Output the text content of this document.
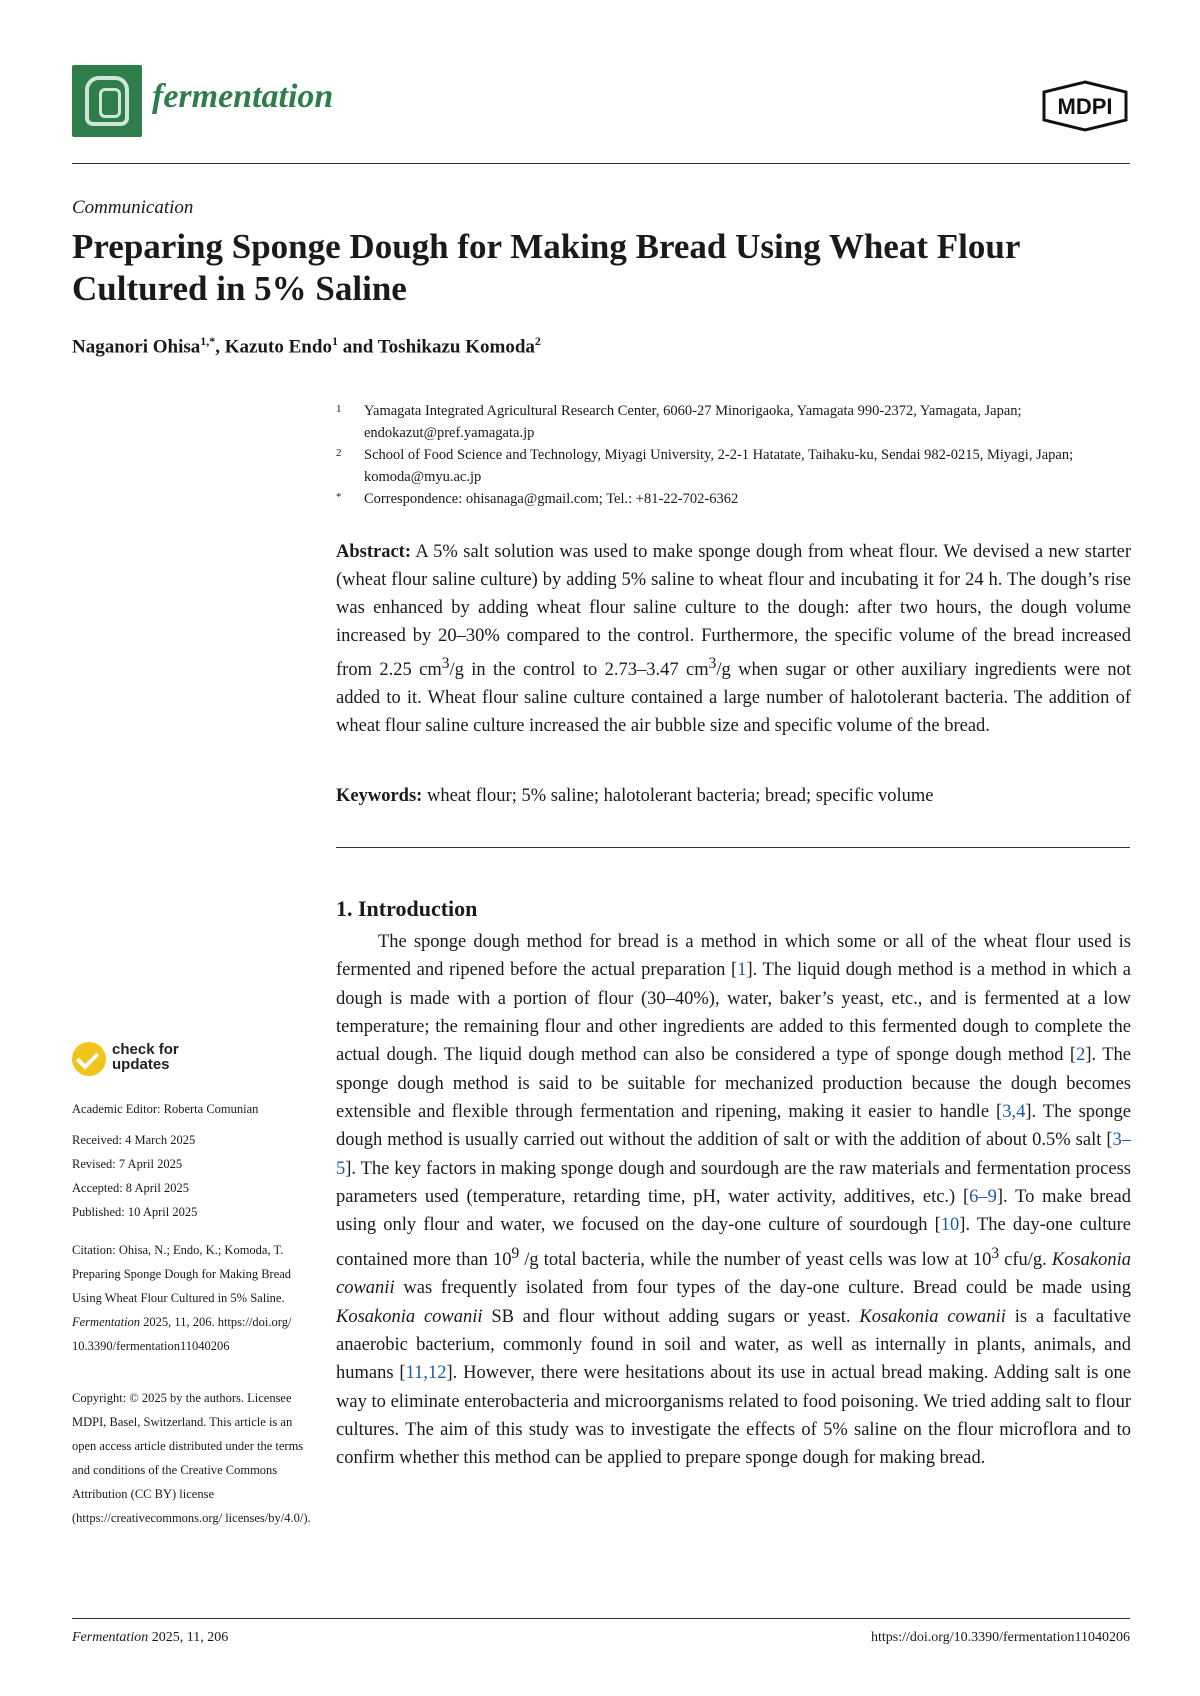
fermentation	MDPI
Communication
Preparing Sponge Dough for Making Bread Using Wheat Flour Cultured in 5% Saline
Naganori Ohisa$^{1,*}$, Kazuto Endo$^1$ and Toshikazu Komoda$^2$
1 Yamagata Integrated Agricultural Research Center, 6060-27 Minorigaoka, Yamagata 990-2372, Yamagata, Japan; endokazut@pref.yamagata.jp
2 School of Food Science and Technology, Miyagi University, 2-2-1 Hatatate, Taihaku-ku, Sendai 982-0215, Miyagi, Japan; komoda@myu.ac.jp
* Correspondence: ohisanaga@gmail.com; Tel.: +81-22-702-6362
Abstract: A 5% salt solution was used to make sponge dough from wheat flour. We devised a new starter (wheat flour saline culture) by adding 5% saline to wheat flour and incubating it for 24 h. The dough’s rise was enhanced by adding wheat flour saline culture to the dough: after two hours, the dough volume increased by 20–30% compared to the control. Furthermore, the specific volume of the bread increased from 2.25 $cm^3/g$ in the control to 2.73–3.47 $cm^3/g$ when sugar or other auxiliary ingredients were not added to it. Wheat flour saline culture contained a large number of halotolerant bacteria. The addition of wheat flour saline culture increased the air bubble size and specific volume of the bread.
Keywords: wheat flour; 5% saline; halotolerant bacteria; bread; specific volume
1. Introduction

The sponge dough method for bread is a method in which some or all of the wheat flour used is fermented and ripened before the actual preparation [1]. The liquid dough method is a method in which a dough is made with a portion of flour (30–40%), water, baker’s yeast, etc., and is fermented at a low temperature; the remaining flour and other ingredients are added to this fermented dough to complete the actual dough. The liquid dough method can also be considered a type of sponge dough method [2]. The sponge dough method is said to be suitable for mechanized production because the dough becomes extensible and flexible through fermentation and ripening, making it easier to handle [3,4]. The sponge dough method is usually carried out without the addition of salt or with the addition of about 0.5% salt [3–5]. The key factors in making sponge dough and sourdough are the raw materials and fermentation process parameters used (temperature, retarding time, pH, water activity, additives, etc.) [6–9]. To make bread using only flour and water, we focused on the day-one culture of sourdough [10]. The day-one culture contained more than $10^9$ /g total bacteria, while the number of yeast cells was low at $10^3$ cfu/g. Kosakonia cowanii was frequently isolated from four types of the day-one culture. Bread could be made using Kosakonia cowanii SB and flour without adding sugars or yeast. Kosakonia cowanii is a facultative anaerobic bacterium, commonly found in soil and water, as well as internally in plants, animals, and humans [11,12]. However, there were hesitations about its use in actual bread making. Adding salt is one way to eliminate enterobacteria and microorganisms related to food poisoning. We tried adding salt to flour cultures. The aim of this study was to investigate the effects of 5% saline on the flour microflora and to confirm whether this method can be applied to prepare sponge dough for making bread.

check for
updates
Academic Editor: Roberta Comunian
Received: 4 March 2025
Revised: 7 April 2025
Accepted: 8 April 2025
Published: 10 April 2025
Citation: Ohisa, N.; Endo, K.; Komoda, T. Preparing Sponge Dough for Making Bread Using Wheat Flour Cultured in 5% Saline. Fermentation 2025, 11, 206. https://doi.org/ 10.3390/fermentation11040206
Copyright: © 2025 by the authors. Licensee MDPI, Basel, Switzerland. This article is an open access article distributed under the terms and conditions of the Creative Commons Attribution (CC BY) license (https://creativecommons.org/ licenses/by/4.0/).
Fermentation 2025, 11, 206	https://doi.org/10.3390/fermentation11040206
